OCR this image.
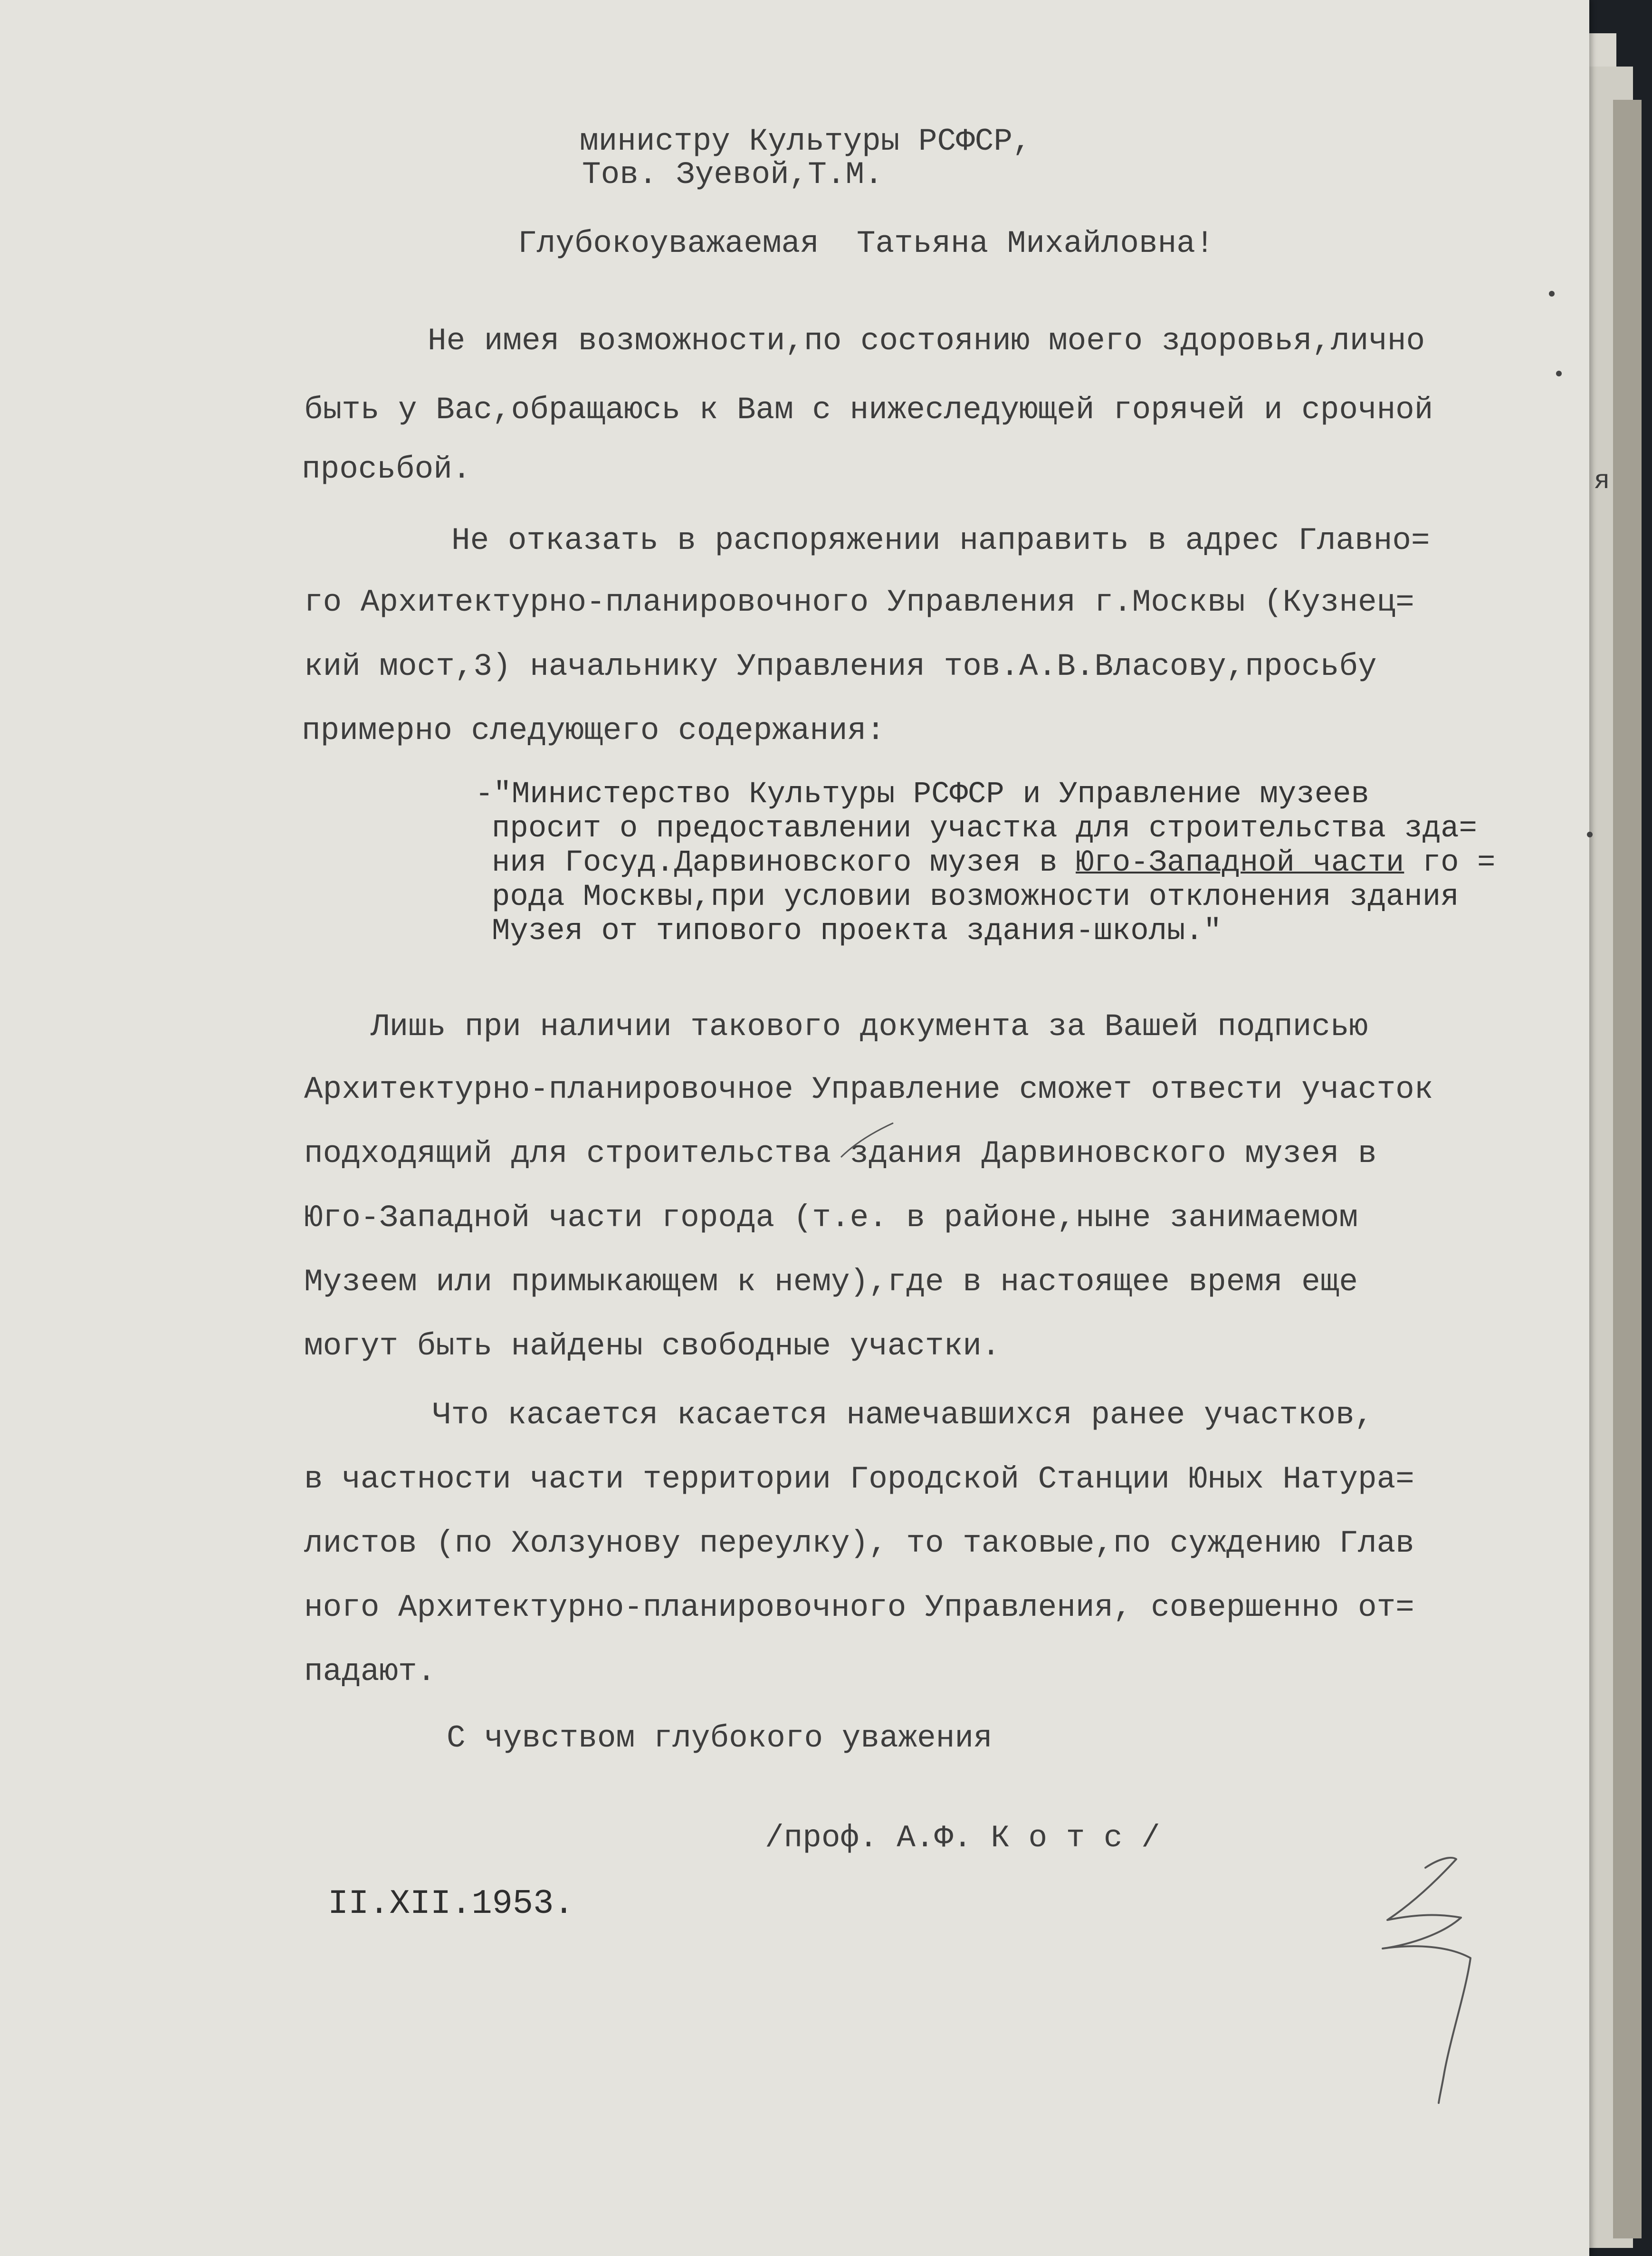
я
министру Культуры РСФСР,
Тов. Зуевой,Т.М.
Глубокоуважаемая  Татьяна Михайловна!
Не имея возможности,по состоянию моего здоровья,лично
быть у Вас,обращаюсь к Вам с нижеследующей горячей и срочной
просьбой.
Не отказать в распоряжении направить в адрес Главно=
го Архитектурно-планировочного Управления г.Москвы (Кузнец=
кий мост,3) начальнику Управления тов.А.В.Власову,просьбу
примерно следующего содержания:
-"Министерство Культуры РСФСР и Управление музеев
просит о предоставлении участка для строительства зда=
ния Госуд.Дарвиновского музея в Юго-Западной части го =
рода Москвы,при условии возможности отклонения здания
Музея от типового проекта здания-школы."
Лишь при наличии такового документа за Вашей подписью
Архитектурно-планировочное Управление сможет отвести участок
подходящий для строительства здания Дарвиновского музея в
Юго-Западной части города (т.е. в районе,ныне занимаемом
Музеем или примыкающем к нему),где в настоящее время еще
могут быть найдены свободные участки.
Что касается касается намечавшихся ранее участков,
в частности части территории Городской Станции Юных Натура=
листов (по Холзунову переулку), то таковые,по суждению Глав
ного Архитектурно-планировочного Управления, совершенно от=
падают.
С чувством глубокого уважения
/проф. А.Ф. К о т с /
II.XII.1953.
